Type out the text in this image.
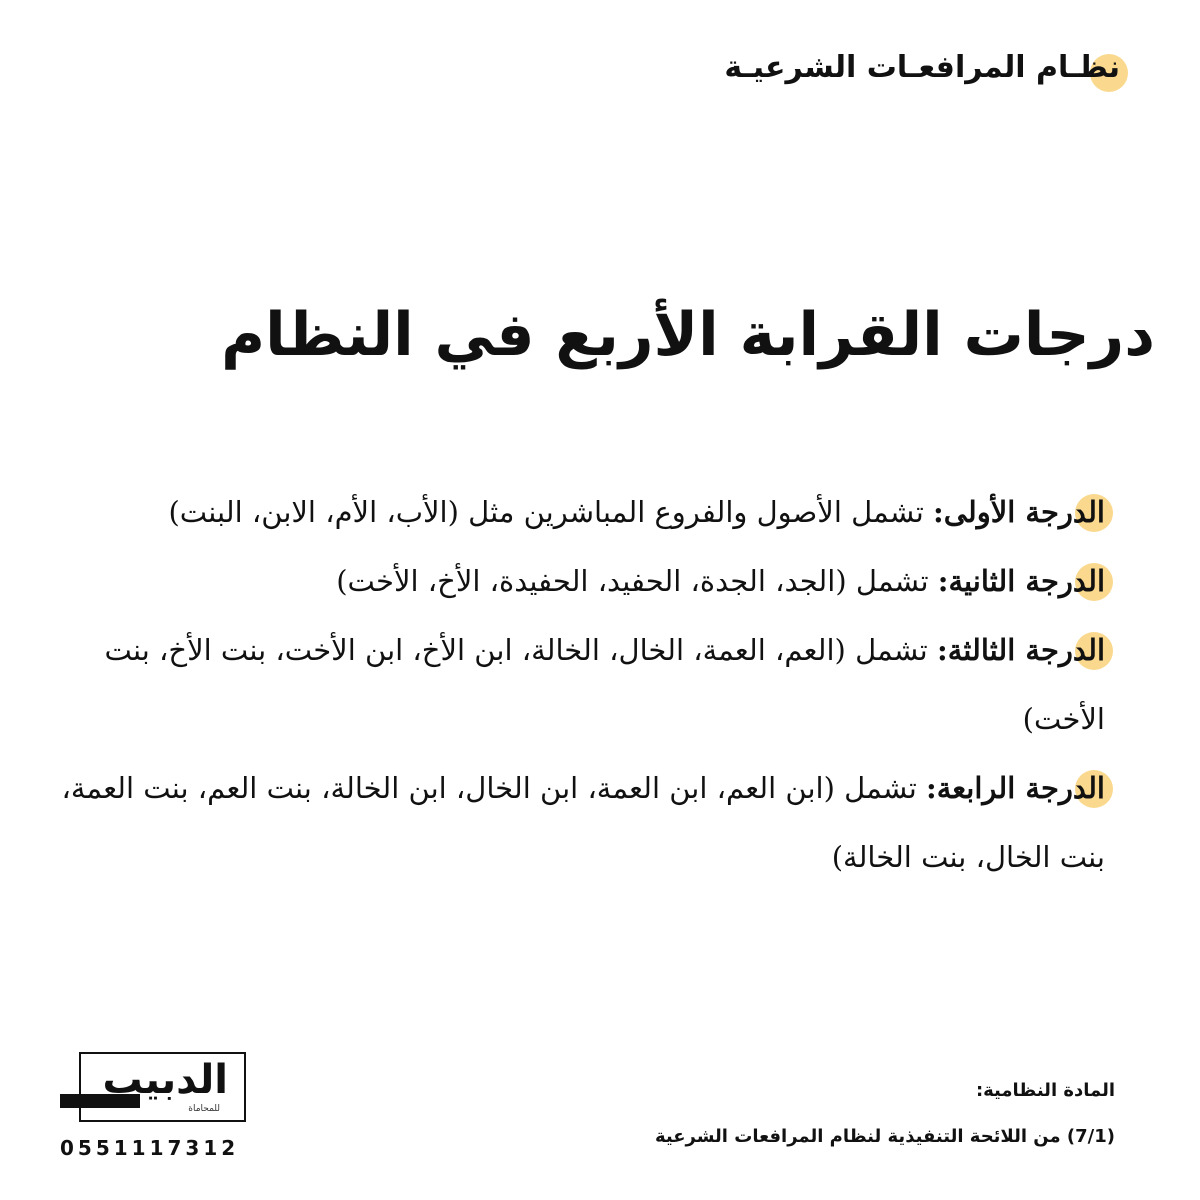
نظـام المرافعـات الشرعيـة
درجات القرابة الأربع في النظام

الدرجة الأولى: تشمل الأصول والفروع المباشرين مثل (الأب، الأم، الابن، البنت)

الدرجة الثانية: تشمل (الجد، الجدة، الحفيد، الحفيدة، الأخ، الأخت)

الدرجة الثالثة: تشمل (العم، العمة، الخال، الخالة، ابن الأخ، ابن الأخت، بنت الأخ، بنت الأخت)

الدرجة الرابعة: تشمل (ابن العم، ابن العمة، ابن الخال، ابن الخالة، بنت العم، بنت العمة، بنت الخال، بنت الخالة)

المادة النظامية:
(7/1) من اللائحة التنفيذية لنظام المرافعات الشرعية
الدبيب
للمحاماة
0551117312
